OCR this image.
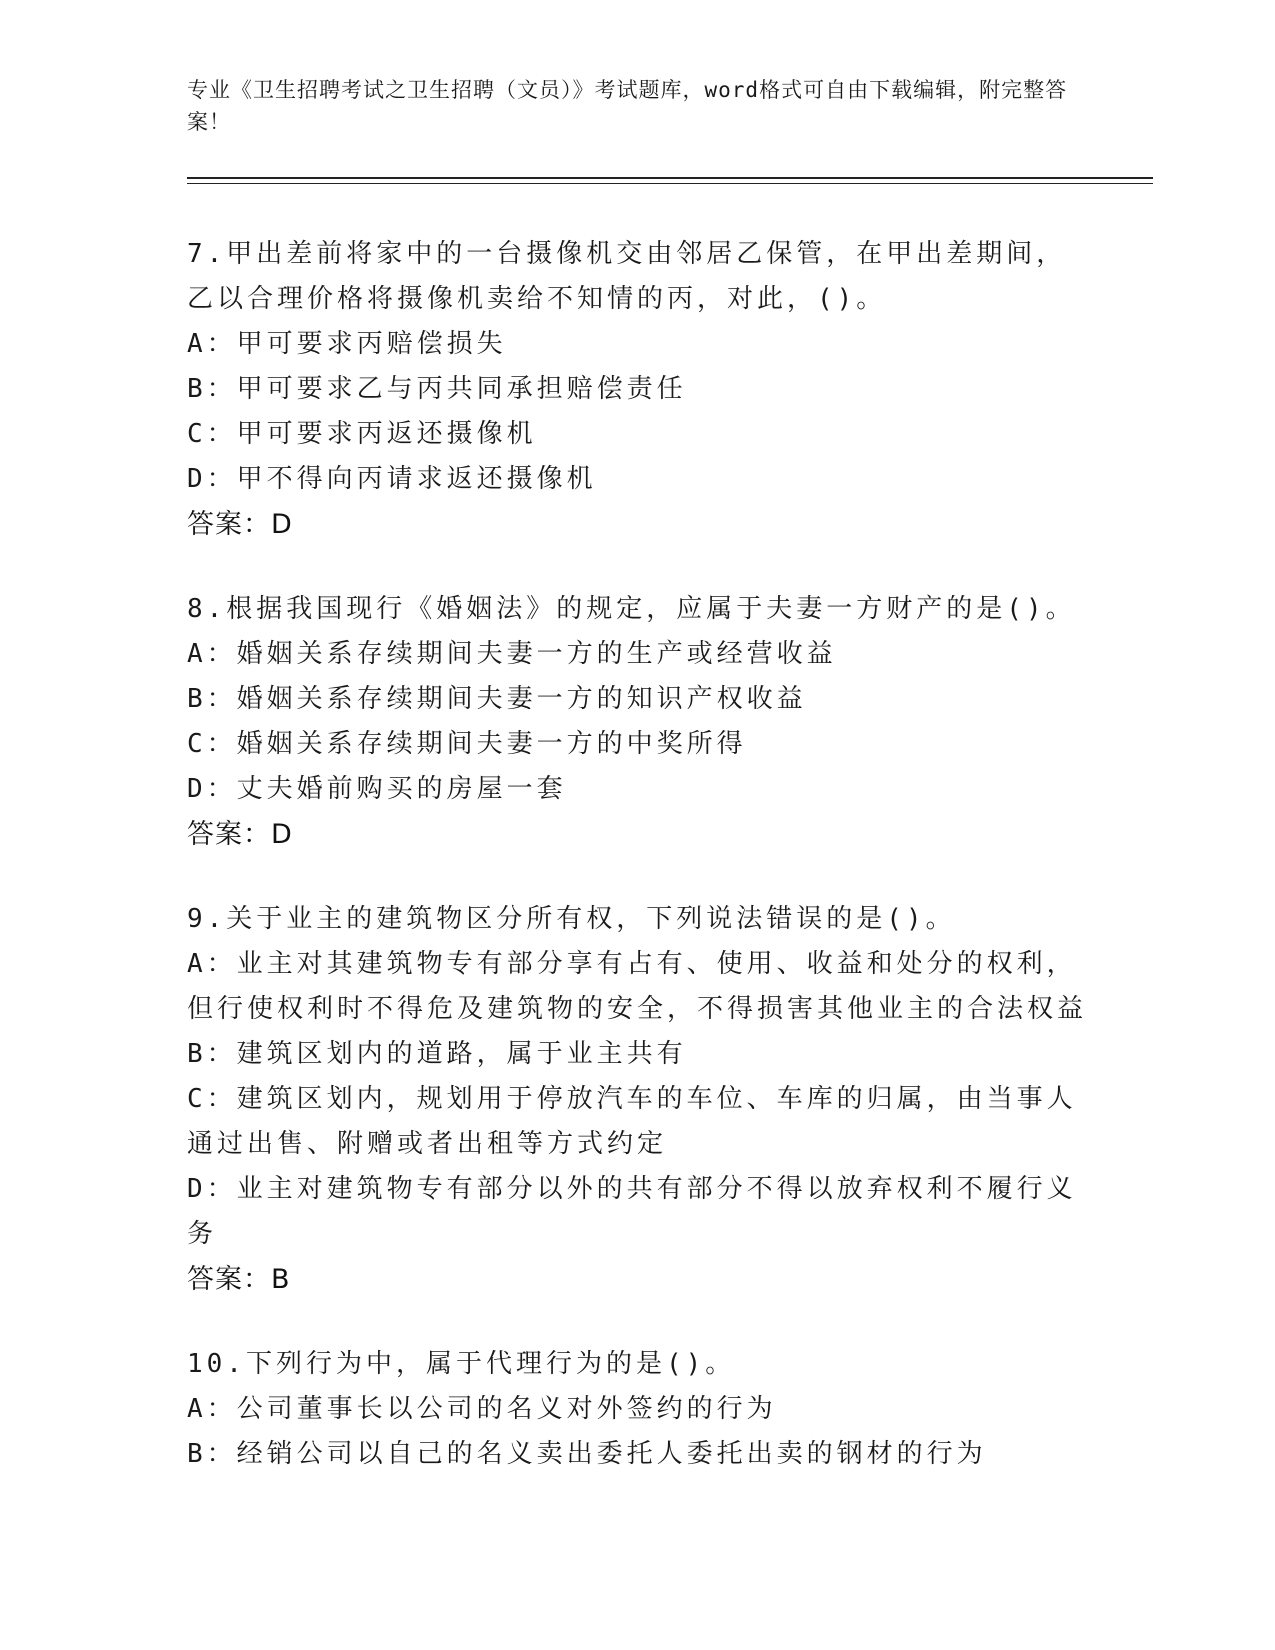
专业《卫生招聘考试之卫生招聘（文员）》考试题库，word格式可自由下载编辑，附完整答案！
7.甲出差前将家中的一台摄像机交由邻居乙保管，在甲出差期间，乙以合理价格将摄像机卖给不知情的丙，对此，()。
A：甲可要求丙赔偿损失
B：甲可要求乙与丙共同承担赔偿责任
C：甲可要求丙返还摄像机
D：甲不得向丙请求返还摄像机
答案：D
8.根据我国现行《婚姻法》的规定，应属于夫妻一方财产的是()。
A：婚姻关系存续期间夫妻一方的生产或经营收益
B：婚姻关系存续期间夫妻一方的知识产权收益
C：婚姻关系存续期间夫妻一方的中奖所得
D：丈夫婚前购买的房屋一套
答案：D
9.关于业主的建筑物区分所有权，下列说法错误的是()。
A：业主对其建筑物专有部分享有占有、使用、收益和处分的权利，但行使权利时不得危及建筑物的安全，不得损害其他业主的合法权益
B：建筑区划内的道路，属于业主共有
C：建筑区划内，规划用于停放汽车的车位、车库的归属，由当事人通过出售、附赠或者出租等方式约定
D：业主对建筑物专有部分以外的共有部分不得以放弃权利不履行义务
答案：B
10.下列行为中，属于代理行为的是()。
A：公司董事长以公司的名义对外签约的行为
B：经销公司以自己的名义卖出委托人委托出卖的钢材的行为
